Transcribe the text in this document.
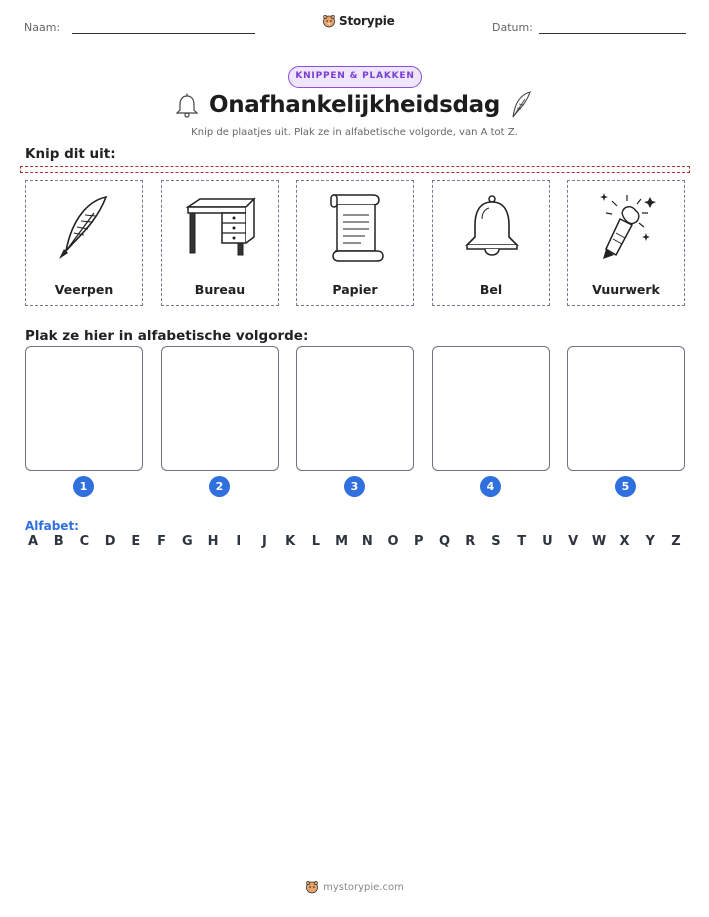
Naam:	Storypie	Datum:
KNIPPEN & PLAKKEN
Onafhankelijkheidsdag
Knip de plaatjes uit. Plak ze in alfabetische volgorde, van A tot Z.
Knip dit uit:
Veerpen	Bureau	Papier	Bel	Vuurwerk
Plak ze hier in alfabetische volgorde:
1	2	3	4	5
Alfabet:
A B C D E F G H	I	J	K L M N O P Q R S T U V W X Y Z
mystorypie.com
